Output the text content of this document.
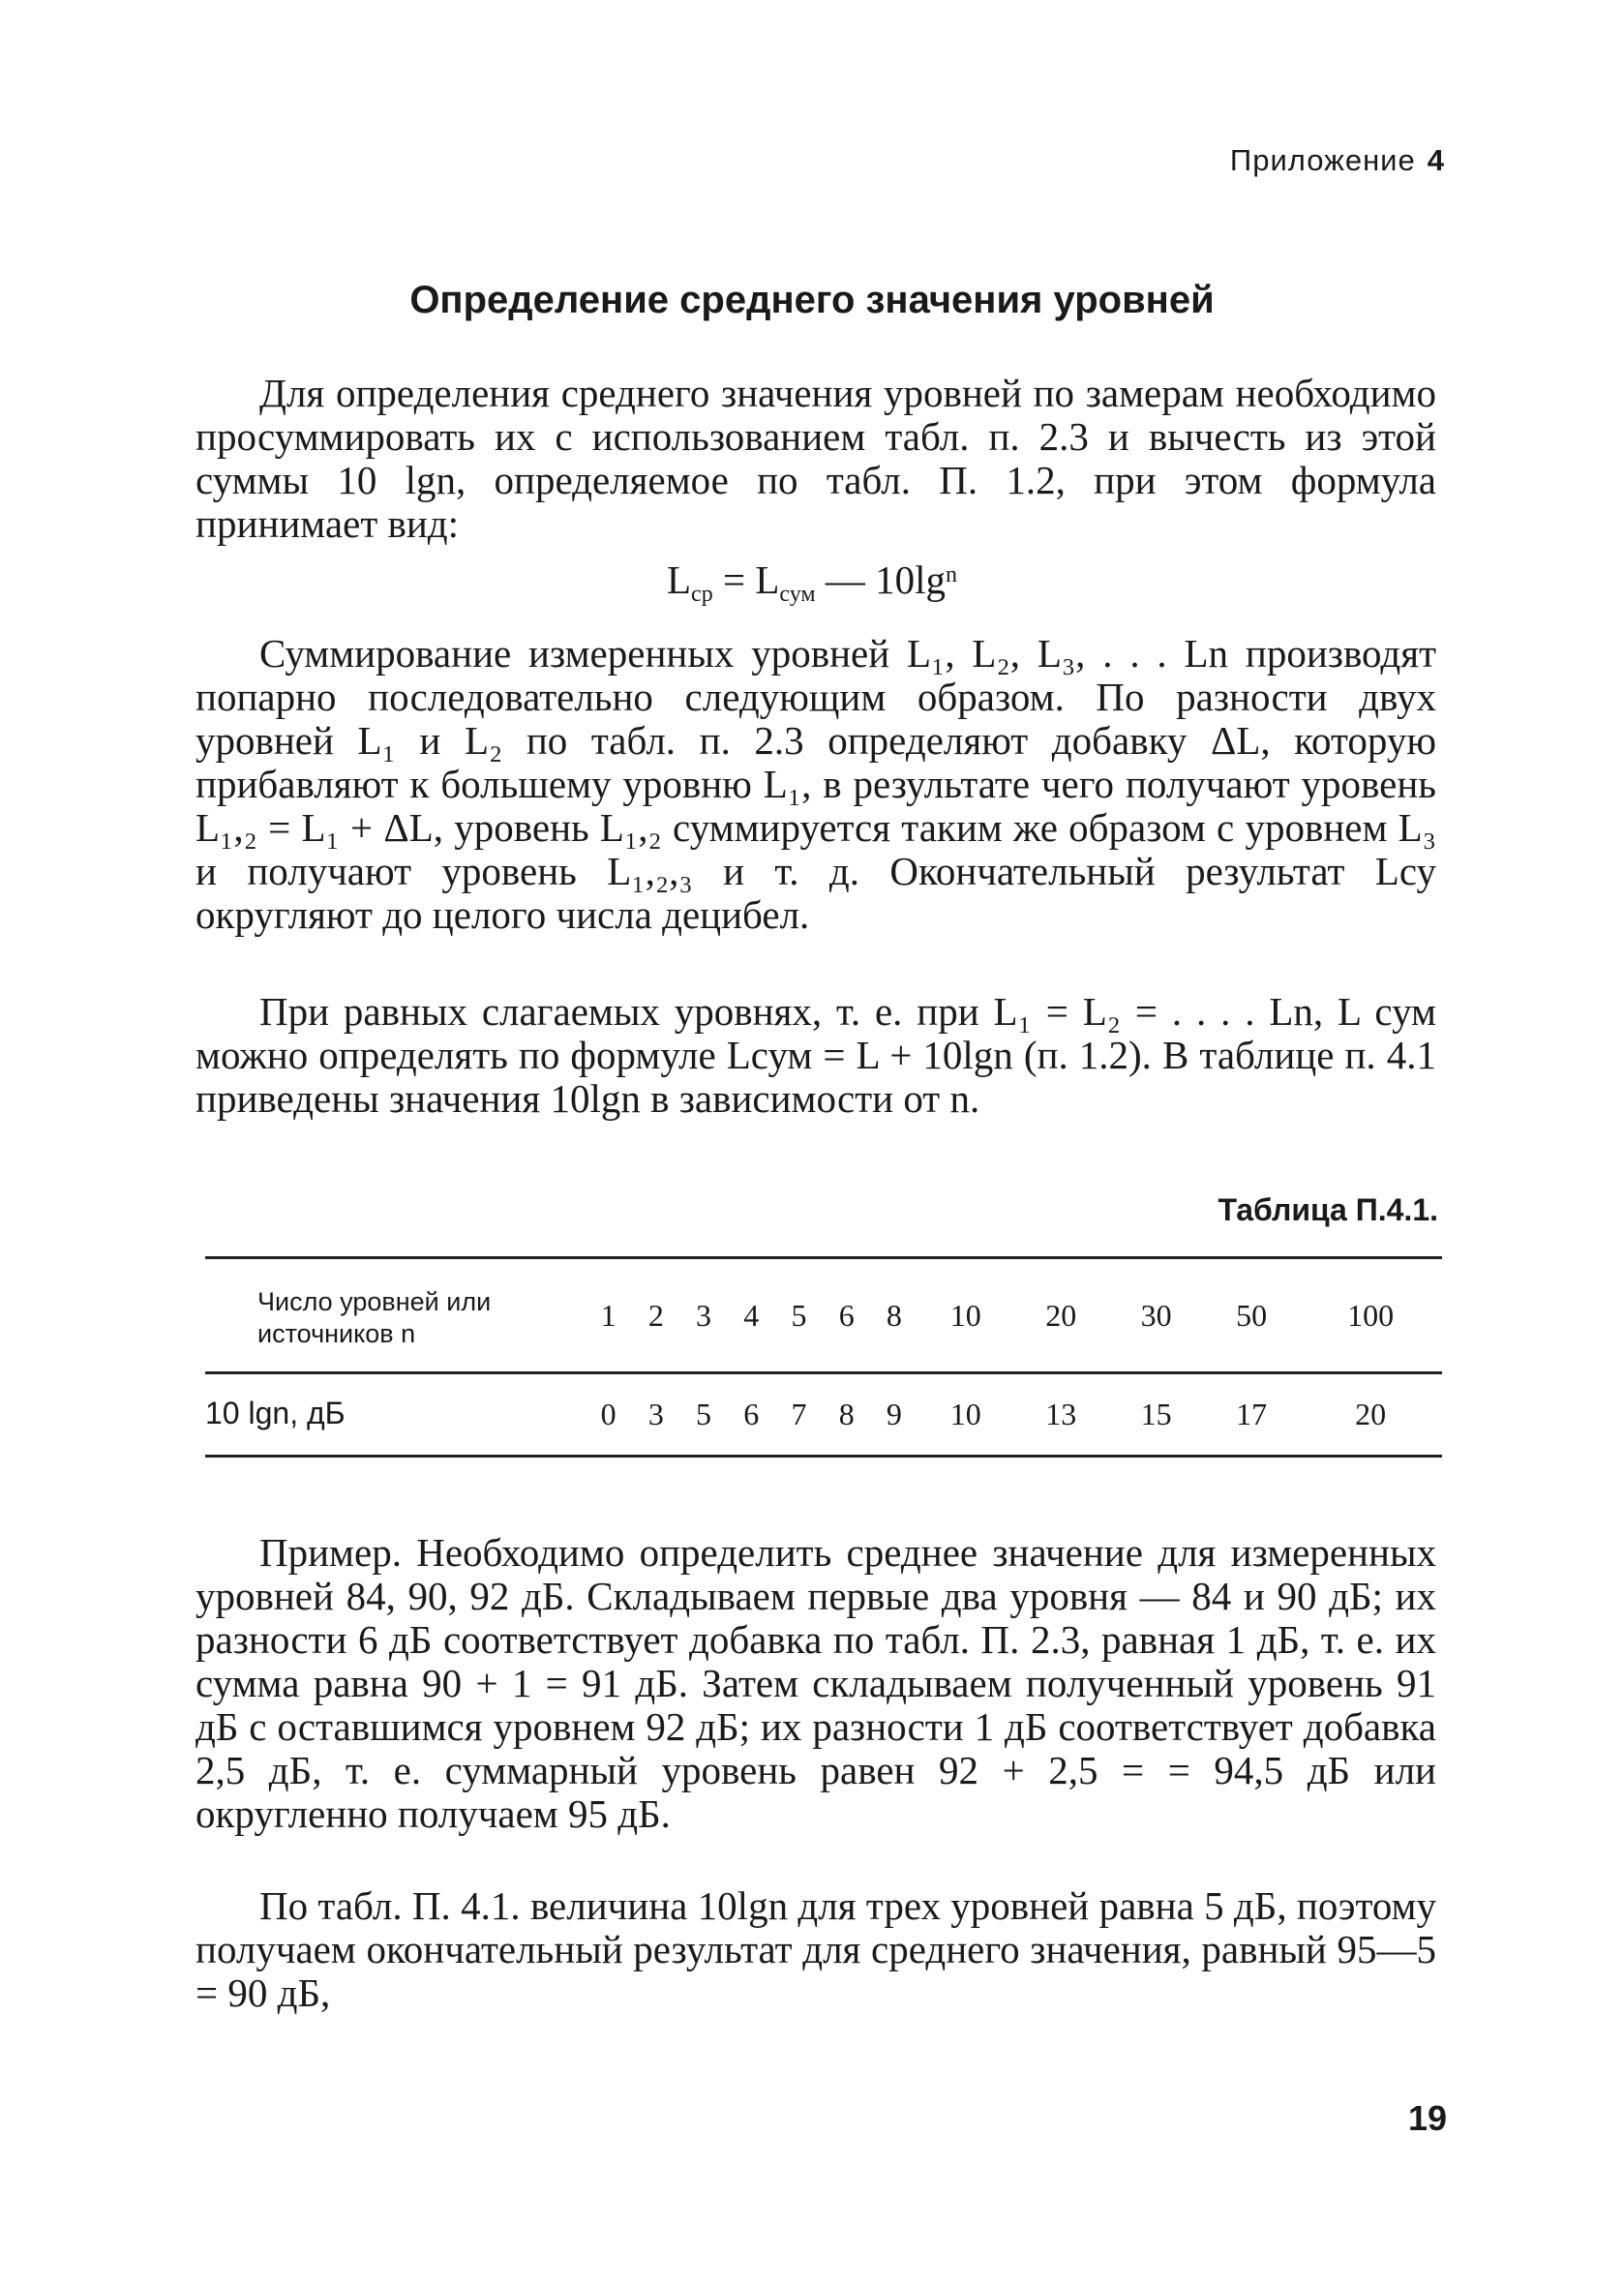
Приложение 4
Определение среднего значения уровней

Для определения среднего значения уровней по замерам необходимо просуммировать их с использованием табл. п. 2.3 и вычесть из этой суммы 10 lgn, определяемое по табл. П. 1.2, при этом формула принимает вид:

$L_{ср} = L_{сум}$ — $10\lg^n$

Суммирование измеренных уровней L₁, L₂, L₃, . . . Ln производят попарно последовательно следующим образом. По разности двух уровней L₁ и L₂ по табл. п. 2.3 определяют добавку ΔL, которую прибавляют к большему уровню L₁, в результате чего получают уровень L₁,₂ = L₁ + ΔL, уровень L₁,₂ суммируется таким же образом с уровнем L₃ и получают уровень L₁,₂,₃ и т. д. Окончательный результат Lсу округляют до целого числа децибел.

При равных слагаемых уровнях, т. е. при L₁ = L₂ = . . . . Ln, L сум можно определять по формуле Lсум = L + 10lgn (п. 1.2). В таблице п. 4.1 приведены значения 10lgn в зависимости от n.

Таблица П.4.1.
Число уровней или источников n	1	2	3	4	5	6	8	10	20	30	50	100
10 lgn, дБ	0	3	5	6	7	8	9	10	13	15	17	20

Пример. Необходимо определить среднее значение для измеренных уровней 84, 90, 92 дБ. Складываем первые два уровня — 84 и 90 дБ; их разности 6 дБ соответствует добавка по табл. П. 2.3, равная 1 дБ, т. е. их сумма равна 90 + 1 = 91 дБ. Затем складываем полученный уровень 91 дБ с оставшимся уровнем 92 дБ; их разности 1 дБ соответствует добавка 2,5 дБ, т. е. суммарный уровень равен 92 + 2,5 = = 94,5 дБ или округленно получаем 95 дБ.

По табл. П. 4.1. величина 10lgn для трех уровней равна 5 дБ, поэтому получаем окончательный результат для среднего значения, равный 95—5 = 90 дБ,

19
